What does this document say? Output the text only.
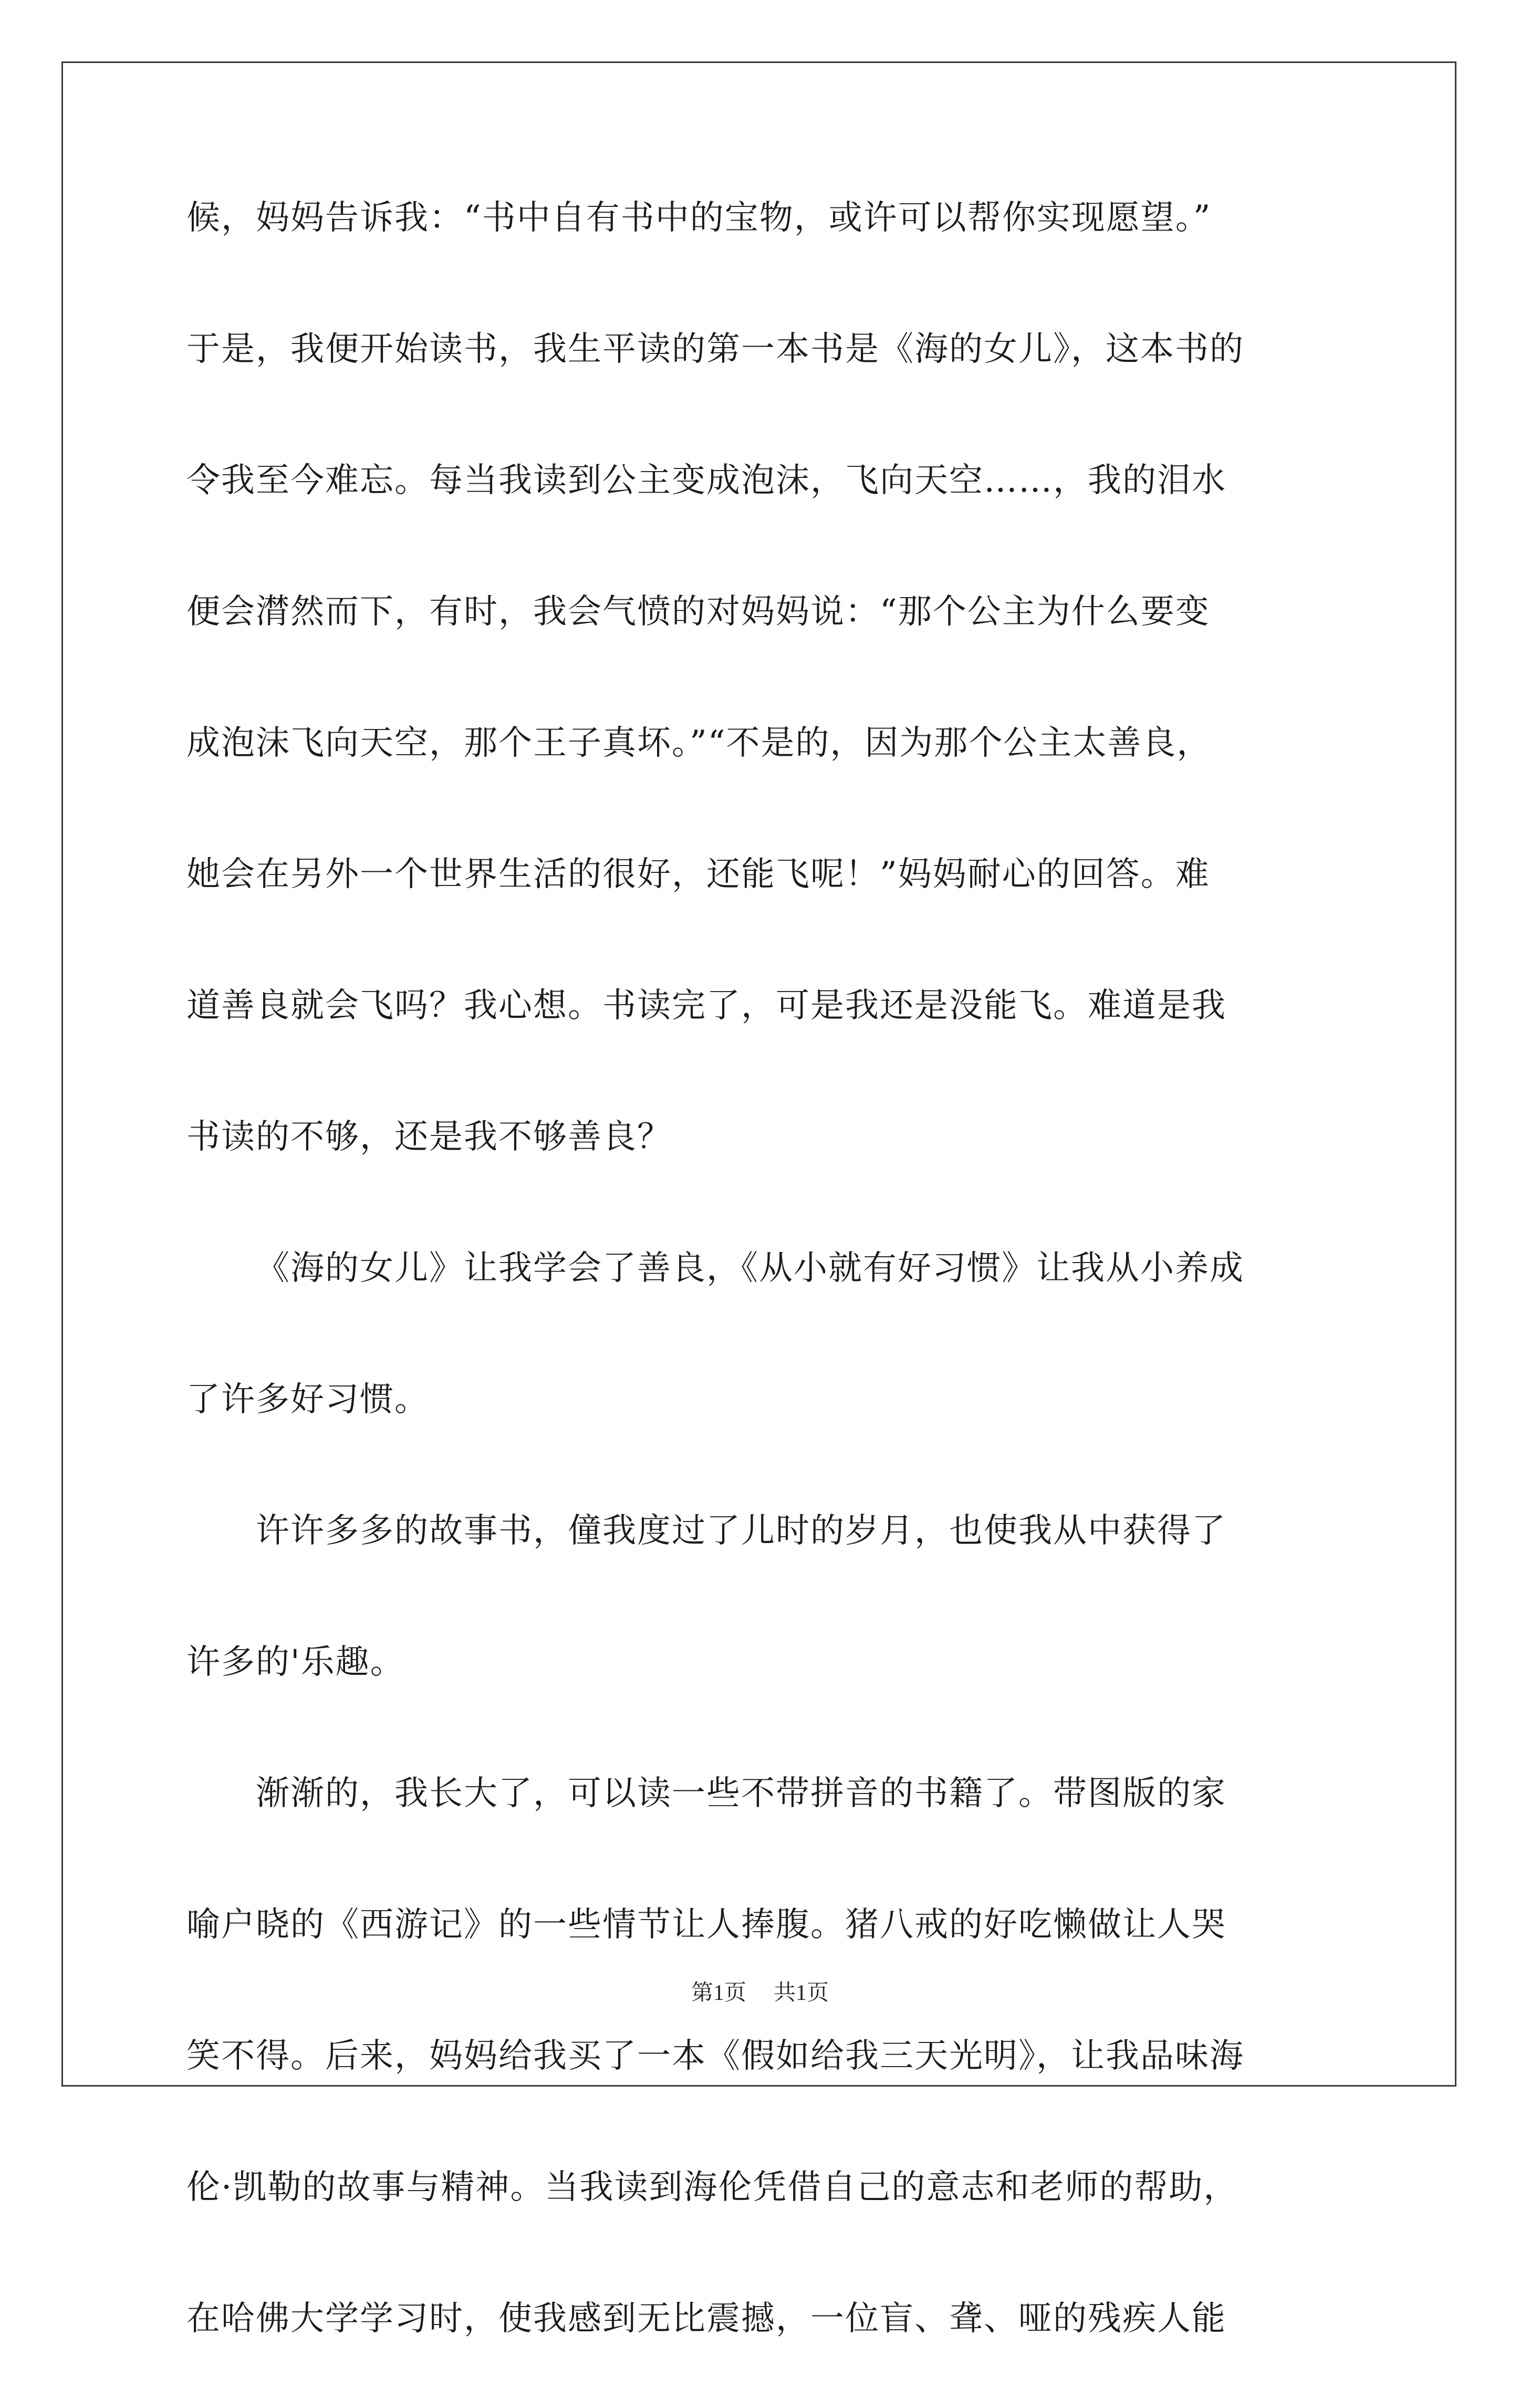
候，妈妈告诉我：“书中自有书中的宝物，或许可以帮你实现愿望。”
于是，我便开始读书，我生平读的第一本书是《海的女儿》，这本书的
令我至今难忘。每当我读到公主变成泡沫，飞向天空……，我的泪水
便会潸然而下，有时，我会气愤的对妈妈说：“那个公主为什么要变
成泡沫飞向天空，那个王子真坏。”“不是的，因为那个公主太善良，
她会在另外一个世界生活的很好，还能飞呢！”妈妈耐心的回答。难
道善良就会飞吗？我心想。书读完了，可是我还是没能飞。难道是我
书读的不够，还是我不够善良？
《海的女儿》让我学会了善良，《从小就有好习惯》让我从小养成
了许多好习惯。
许许多多的故事书，僮我度过了儿时的岁月，也使我从中获得了
许多的'乐趣。
渐渐的，我长大了，可以读一些不带拼音的书籍了。带图版的家
喻户晓的《西游记》的一些情节让人捧腹。猪八戒的好吃懒做让人哭
笑不得。后来，妈妈给我买了一本《假如给我三天光明》，让我品味海
伦·凯勒的故事与精神。当我读到海伦凭借自己的意志和老师的帮助，
在哈佛大学学习时，使我感到无比震撼，一位盲、聋、哑的残疾人能
第1页 共1页
